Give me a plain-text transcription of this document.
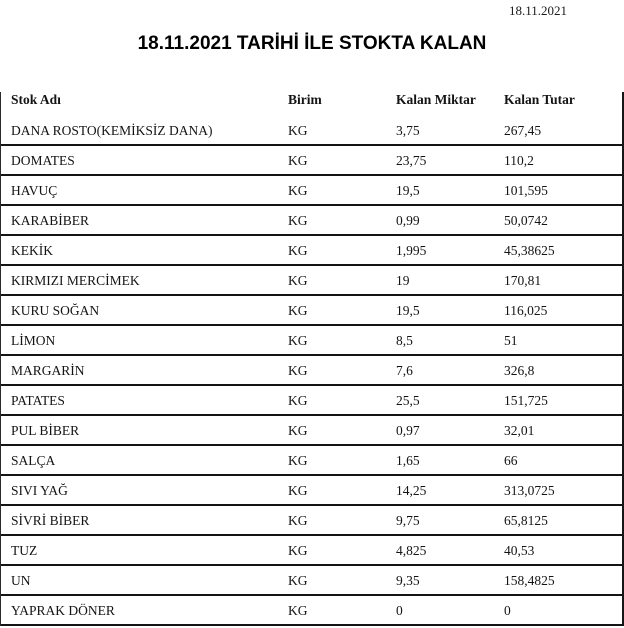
18.11.2021
18.11.2021 TARİHİ İLE STOKTA KALAN
Stok Adı	Birim	Kalan Miktar	Kalan Tutar
DANA ROSTO(KEMİKSİZ DANA)	KG	3,75	267,45
DOMATES	KG	23,75	110,2
HAVUÇ	KG	19,5	101,595
KARABİBER	KG	0,99	50,0742
KEKİK	KG	1,995	45,38625
KIRMIZI MERCİMEK	KG	19	170,81
KURU SOĞAN	KG	19,5	116,025
LİMON	KG	8,5	51
MARGARİN	KG	7,6	326,8
PATATES	KG	25,5	151,725
PUL BİBER	KG	0,97	32,01
SALÇA	KG	1,65	66
SIVI YAĞ	KG	14,25	313,0725
SİVRİ BİBER	KG	9,75	65,8125
TUZ	KG	4,825	40,53
UN	KG	9,35	158,4825
YAPRAK DÖNER	KG	0	0
